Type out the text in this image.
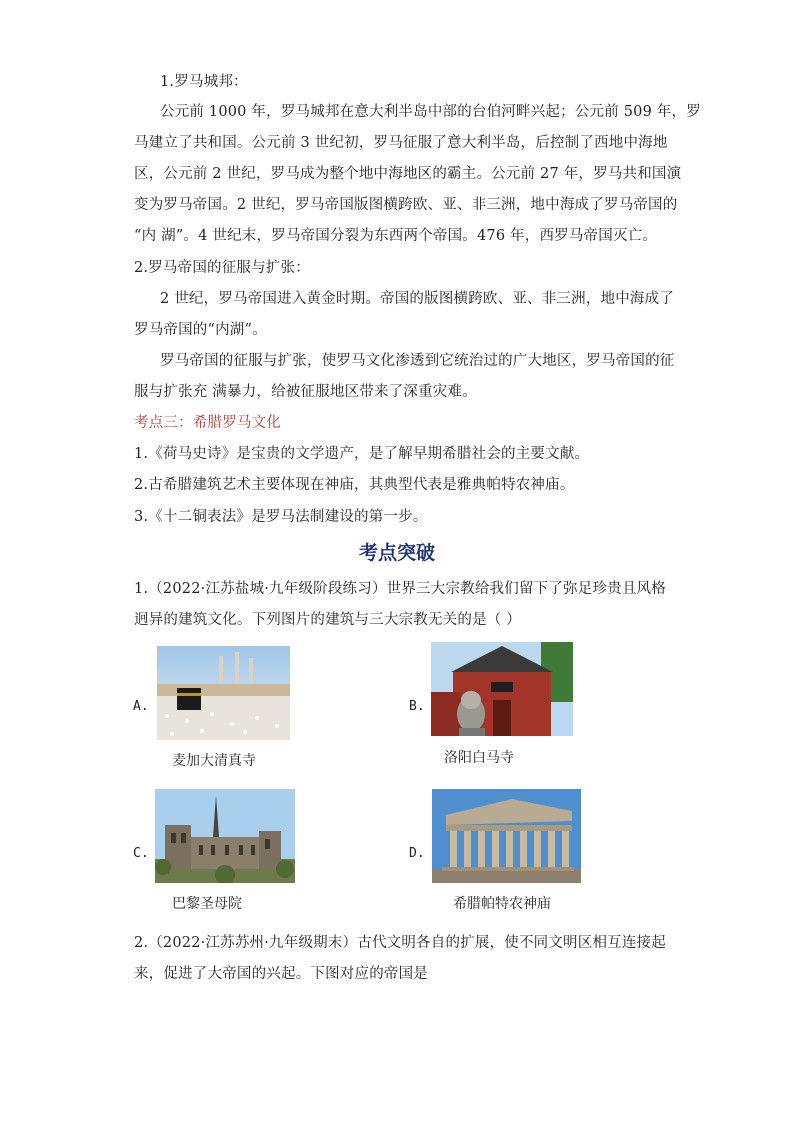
1.罗马城邦：
公元前 1000 年，罗马城邦在意大利半岛中部的台伯河畔兴起；公元前 509 年，罗
马建立了共和国。公元前 3 世纪初，罗马征服了意大利半岛，后控制了西地中海地
区，公元前 2 世纪，罗马成为整个地中海地区的霸主。公元前 27 年，罗马共和国演
变为罗马帝国。2 世纪，罗马帝国版图横跨欧、亚、非三洲，地中海成了罗马帝国的
“内 湖”。4 世纪末，罗马帝国分裂为东西两个帝国。476 年，西罗马帝国灭亡。
2.罗马帝国的征服与扩张：
2 世纪，罗马帝国进入黄金时期。帝国的版图横跨欧、亚、非三洲，地中海成了
罗马帝国的“内湖”。
罗马帝国的征服与扩张，使罗马文化渗透到它统治过的广大地区，罗马帝国的征
服与扩张充 满暴力，给被征服地区带来了深重灾难。
考点三：希腊罗马文化
1.《荷马史诗》是宝贵的文学遗产，是了解早期希腊社会的主要文献。
2.古希腊建筑艺术主要体现在神庙，其典型代表是雅典帕特农神庙。
3.《十二铜表法》是罗马法制建设的第一步。
考点突破
1.（2022·江苏盐城·九年级阶段练习）世界三大宗教给我们留下了弥足珍贵且风格
迥异的建筑文化。下列图片的建筑与三大宗教无关的是（ ）
A.
麦加大清真寺
B.
洛阳白马寺
C.
巴黎圣母院
D.
希腊帕特农神庙
2.（2022·江苏苏州·九年级期末）古代文明各自的扩展，使不同文明区相互连接起
来，促进了大帝国的兴起。下图对应的帝国是
